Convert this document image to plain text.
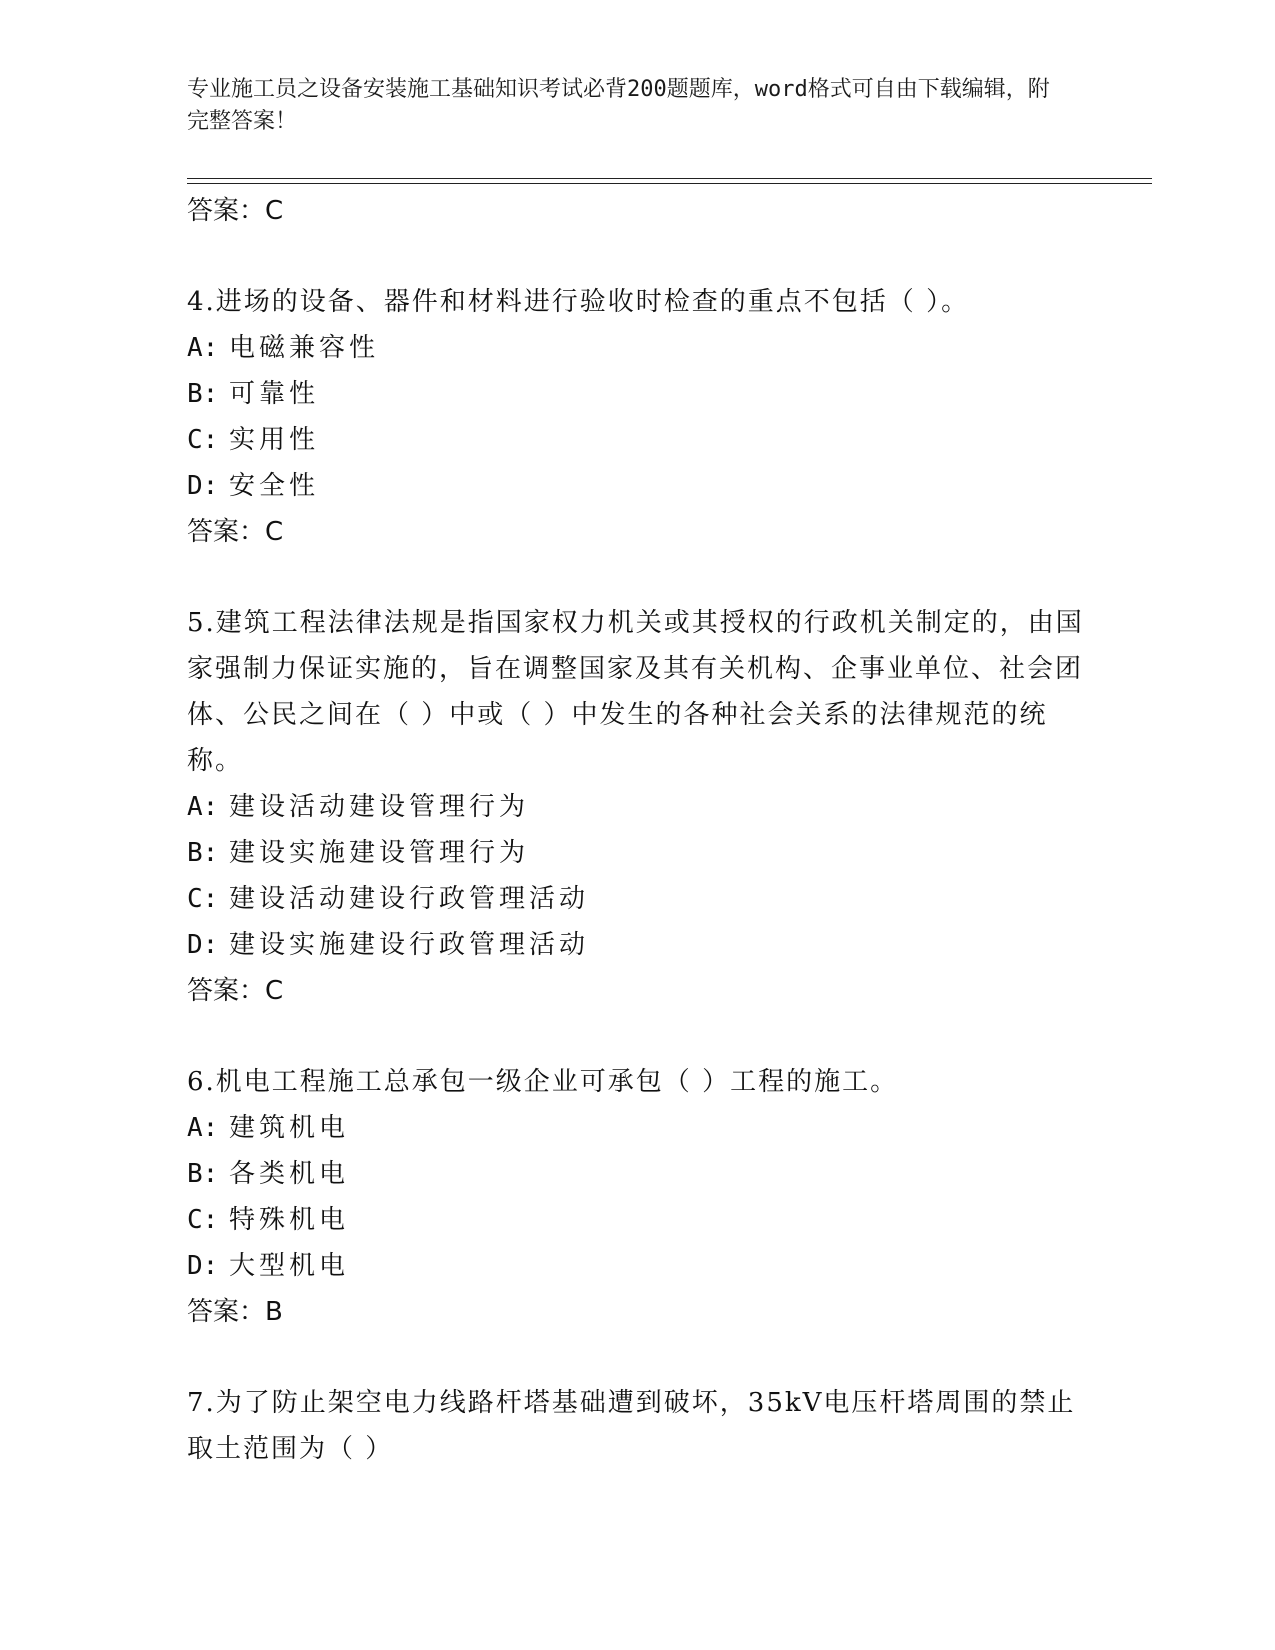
专业施工员之设备安装施工基础知识考试必背200题题库，word格式可自由下载编辑，附完整答案！
答案：C
4.进场的设备、器件和材料进行验收时检查的重点不包括（ ）。
A: 电磁兼容性
B: 可靠性
C: 实用性
D: 安全性
答案：C
5.建筑工程法律法规是指国家权力机关或其授权的行政机关制定的，由国家强制力保证实施的，旨在调整国家及其有关机构、企事业单位、社会团体、公民之间在（ ）中或（ ）中发生的各种社会关系的法律规范的统称。
A: 建设活动建设管理行为
B: 建设实施建设管理行为
C: 建设活动建设行政管理活动
D: 建设实施建设行政管理活动
答案：C
6.机电工程施工总承包一级企业可承包（ ）工程的施工。
A: 建筑机电
B: 各类机电
C: 特殊机电
D: 大型机电
答案：B
7.为了防止架空电力线路杆塔基础遭到破坏，35kV电压杆塔周围的禁止取土范围为（ ）
